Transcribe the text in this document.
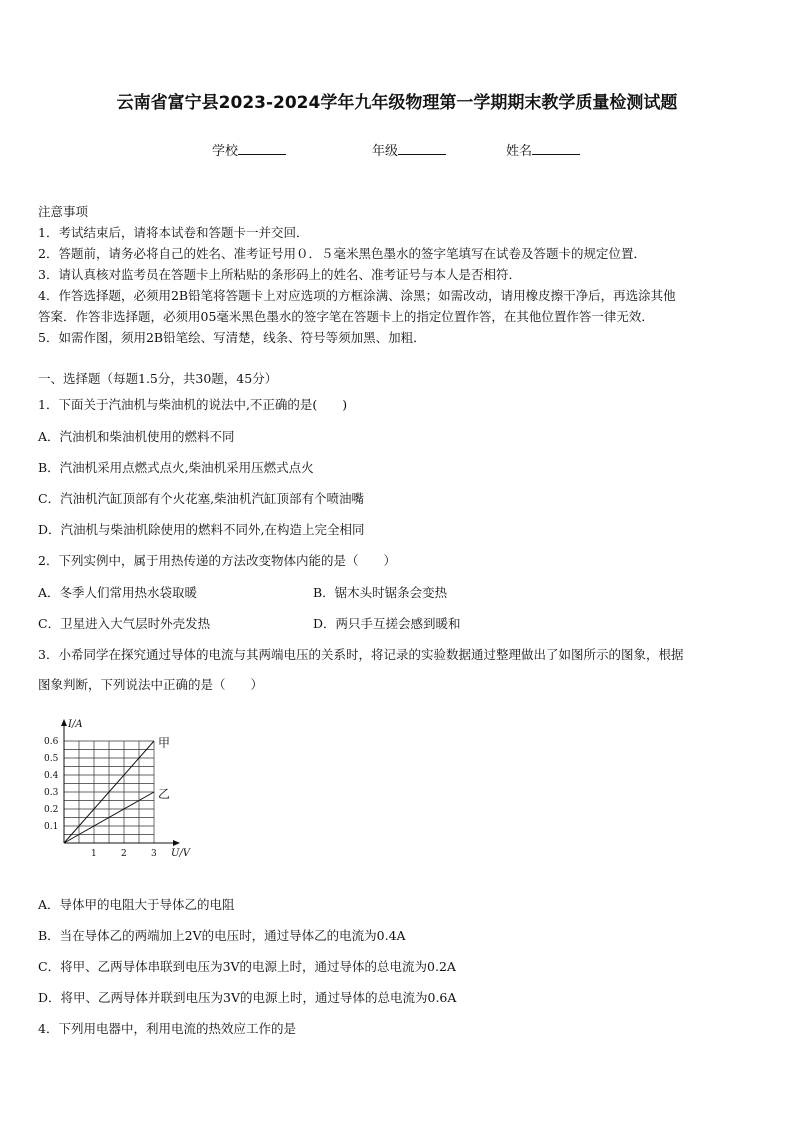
云南省富宁县2023-2024学年九年级物理第一学期期末教学质量检测试题
学校	年级	姓名
注意事项
1．考试结束后，请将本试卷和答题卡一并交回．
2．答题前，请务必将自己的姓名、准考证号用０．５毫米黑色墨水的签字笔填写在试卷及答题卡的规定位置．
3．请认真核对监考员在答题卡上所粘贴的条形码上的姓名、准考证号与本人是否相符．
4．作答选择题，必须用2B铅笔将答题卡上对应选项的方框涂满、涂黑；如需改动，请用橡皮擦干净后，再选涂其他
答案．作答非选择题，必须用05毫米黑色墨水的签字笔在答题卡上的指定位置作答，在其他位置作答一律无效．
5．如需作图，须用2B铅笔绘、写清楚，线条、符号等须加黑、加粗．
一、选择题（每题1.5分，共30题，45分）
1．下面关于汽油机与柴油机的说法中,不正确的是(　　)
A．汽油机和柴油机使用的燃料不同
B．汽油机采用点燃式点火,柴油机采用压燃式点火
C．汽油机汽缸顶部有个火花塞,柴油机汽缸顶部有个喷油嘴
D．汽油机与柴油机除使用的燃料不同外,在构造上完全相同
2．下列实例中，属于用热传递的方法改变物体内能的是（　　）
A．冬季人们常用热水袋取暖	B．锯木头时锯条会变热
C．卫星进入大气层时外壳发热	D．两只手互搓会感到暖和
3．小希同学在探究通过导体的电流与其两端电压的关系时，将记录的实验数据通过整理做出了如图所示的图象，根据
图象判断，下列说法中正确的是（　　）
甲
乙
1	2	3
0.1
0.2
0.3
0.4
0.5
0.6
U/V
I/A
A．导体甲的电阻大于导体乙的电阻
B．当在导体乙的两端加上2V的电压时，通过导体乙的电流为0.4A
C．将甲、乙两导体串联到电压为3V的电源上时，通过导体的总电流为0.2A
D．将甲、乙两导体并联到电压为3V的电源上时，通过导体的总电流为0.6A
4．下列用电器中，利用电流的热效应工作的是
